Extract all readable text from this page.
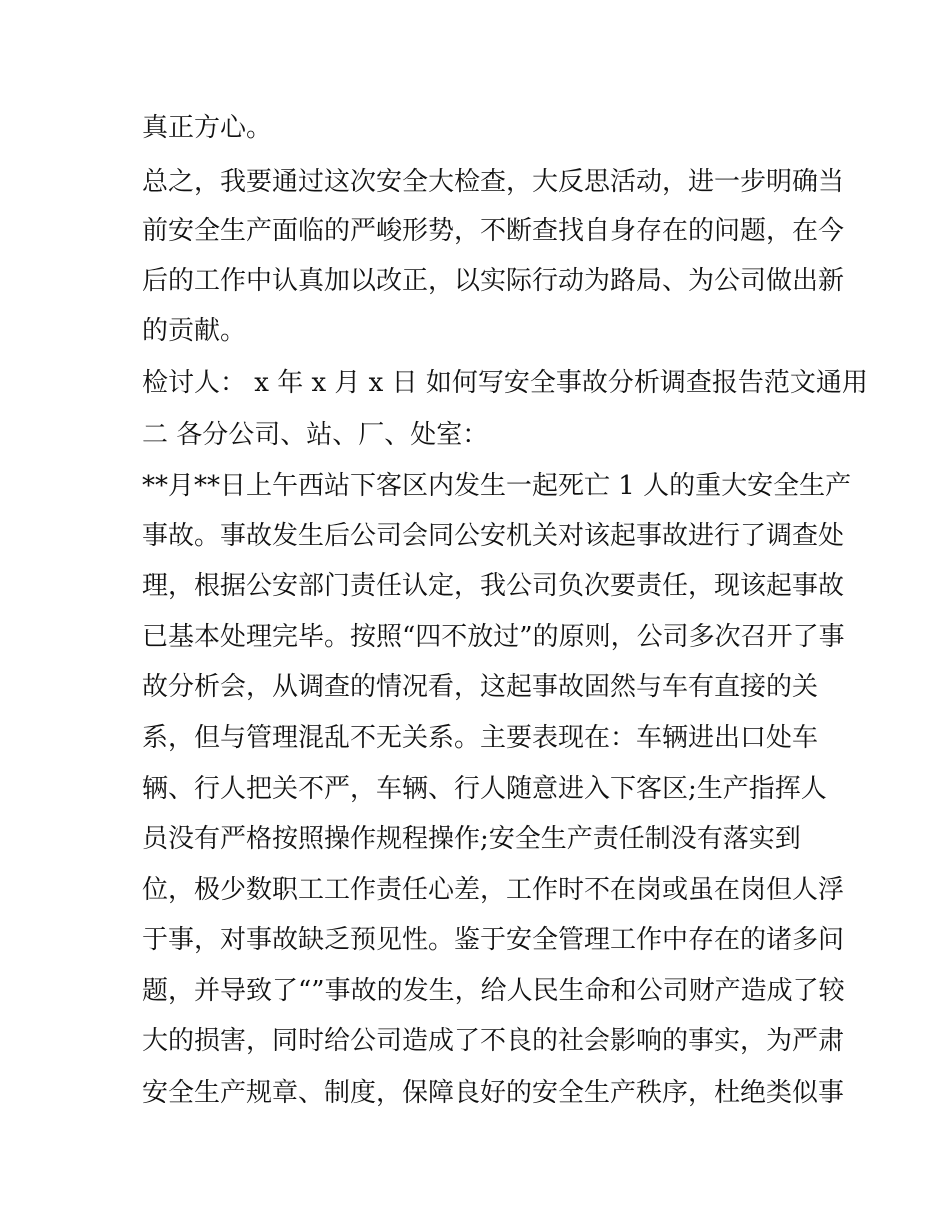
真正方心。
总之，我要通过这次安全大检查，大反思活动，进一步明确当
前安全生产面临的严峻形势，不断查找自身存在的问题，在今
后的工作中认真加以改正，以实际行动为路局、为公司做出新
的贡献。
检讨人： x 年 x 月 x 日 如何写安全事故分析调查报告范文通用
二 各分公司、站、厂、处室：
**月**日上午西站下客区内发生一起死亡 1 人的重大安全生产
事故。事故发生后公司会同公安机关对该起事故进行了调查处
理，根据公安部门责任认定，我公司负次要责任，现该起事故
已基本处理完毕。按照“四不放过”的原则，公司多次召开了事
故分析会，从调查的情况看，这起事故固然与车有直接的关
系，但与管理混乱不无关系。主要表现在：车辆进出口处车
辆、行人把关不严，车辆、行人随意进入下客区;生产指挥人
员没有严格按照操作规程操作;安全生产责任制没有落实到
位，极少数职工工作责任心差，工作时不在岗或虽在岗但人浮
于事，对事故缺乏预见性。鉴于安全管理工作中存在的诸多问
题，并导致了“”事故的发生，给人民生命和公司财产造成了较
大的损害，同时给公司造成了不良的社会影响的事实，为严肃
安全生产规章、制度，保障良好的安全生产秩序，杜绝类似事
